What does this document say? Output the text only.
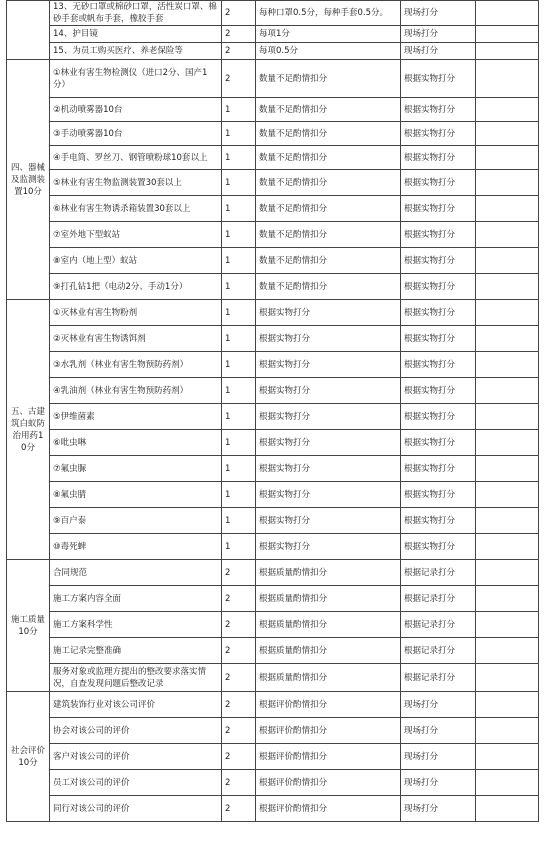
	13、无砂口罩或棉砂口罩，活性炭口罩、棉砂手套或帆布手套，橡胶手套	2	每种口罩0.5分，每种手套0.5分。	现场打分	
	14、护目镜	2	每项1分	现场打分	
	15、为员工购买医疗、养老保险等	2	每项0.5分	现场打分	
四、器械及监测装置10分	①林业有害生物检测仪（进口2分、国产1分）	2	数量不足酌情扣分	根据实物打分	
	②机动喷雾器10台	1	数量不足酌情扣分	根据实物打分	
	③手动喷雾器10台	1	数量不足酌情扣分	根据实物打分	
	④手电筒、罗丝刀、钢管喷粉球10套以上	1	数量不足酌情扣分	根据实物打分	
	⑤林业有害生物监测装置30套以上	1	数量不足酌情扣分	根据实物打分	
	⑥林业有害生物诱杀箱装置30套以上	1	数量不足酌情扣分	根据实物打分	
	⑦室外地下型蚁站	1	数量不足酌情扣分	根据实物打分	
	⑧室内（地上型）蚁站	1	数量不足酌情扣分	根据实物打分	
	⑨打孔钻1把（电动2分、手动1分）	1	数量不足酌情扣分	根据实物打分	
五、古建筑白蚁防治用药10分	①灭林业有害生物粉剂	1	根据实物打分	根据实物打分	
	②灭林业有害生物诱饵剂	1	根据实物打分	根据实物打分	
	③水乳剂（林业有害生物预防药剂）	1	根据实物打分	根据实物打分	
	④乳油剂（林业有害生物预防药剂）	1	根据实物打分	根据实物打分	
	⑤伊维菌素	1	根据实物打分	根据实物打分	
	⑥吡虫啉	1	根据实物打分	根据实物打分	
	⑦氟虫脲	1	根据实物打分	根据实物打分	
	⑧氟虫腈	1	根据实物打分	根据实物打分	
	⑨百户泰	1	根据实物打分	根据实物打分	
	⑩毒死蜱	1	根据实物打分	根据实物打分	
施工质量10分	合同规范	2	根据质量酌情扣分	根据记录打分	
	施工方案内容全面	2	根据质量酌情扣分	根据记录打分	
	施工方案科学性	2	根据质量酌情扣分	根据记录打分	
	施工记录完整准确	2	根据质量酌情扣分	根据记录打分	
	服务对象或监理方提出的整改要求落实情况，自查发现问题后整改记录	2	根据质量酌情扣分	根据记录打分	
社会评价10分	建筑装饰行业对该公司评价	2	根据评价酌情扣分	现场打分	
	协会对该公司的评价	2	根据评价酌情扣分	现场打分	
	客户对该公司的评价	2	根据评价酌情扣分	现场打分	
	员工对该公司的评价	2	根据评价酌情扣分	现场打分	
	同行对该公司的评价	2	根据评价酌情扣分	现场打分	
